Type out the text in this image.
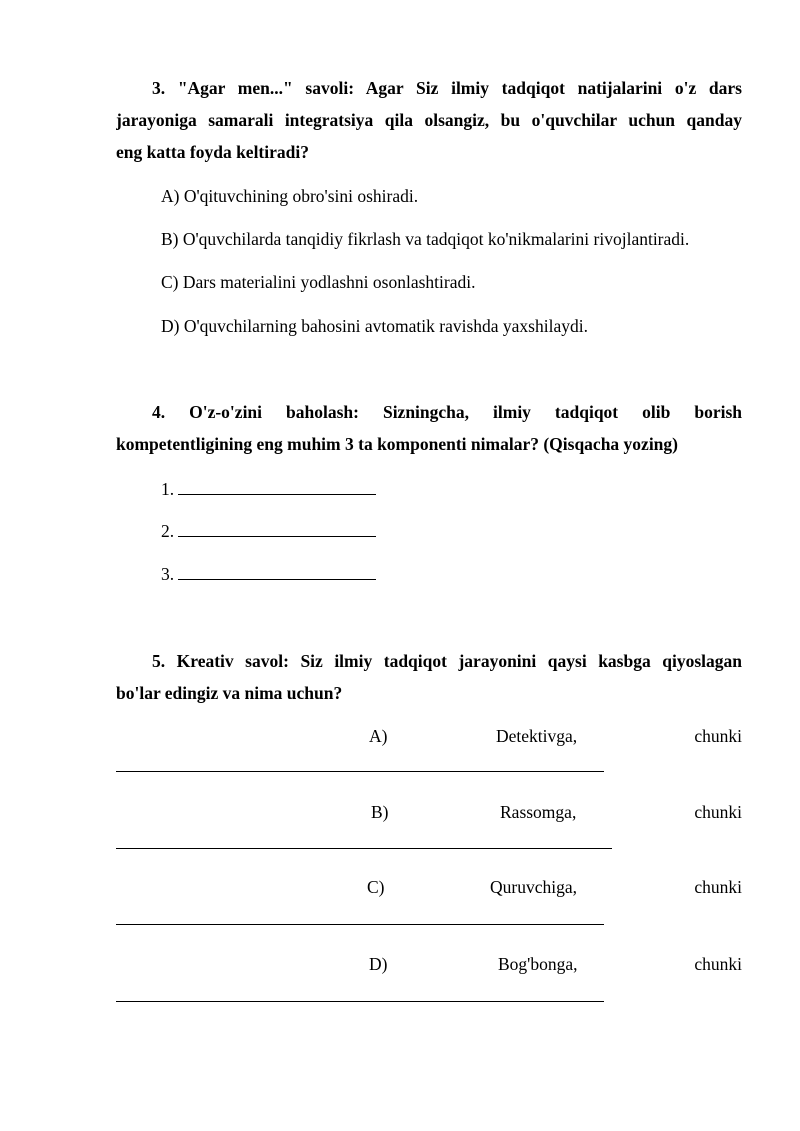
3. "Agar men..." savoli: Agar Siz ilmiy tadqiqot natijalarini o'z dars
jarayoniga samarali integratsiya qila olsangiz, bu o'quvchilar uchun qanday
eng katta foyda keltiradi?
A) O'qituvchining obro'sini oshiradi.
B) O'quvchilarda tanqidiy fikrlash va tadqiqot ko'nikmalarini rivojlantiradi.
C) Dars materialini yodlashni osonlashtiradi.
D) O'quvchilarning bahosini avtomatik ravishda yaxshilaydi.
4. O'z-o'zini baholash: Sizningcha, ilmiy tadqiqot olib borish
kompetentligining eng muhim 3 ta komponenti nimalar? (Qisqacha yozing)
1.
2.
3.
5. Kreativ savol: Siz ilmiy tadqiqot jarayonini qaysi kasbga qiyoslagan
bo'lar edingiz va nima uchun?
A)	Detektivga,	chunki
B)	Rassomga,	chunki
C)	Quruvchiga,	chunki
D)	Bog'bonga,	chunki
